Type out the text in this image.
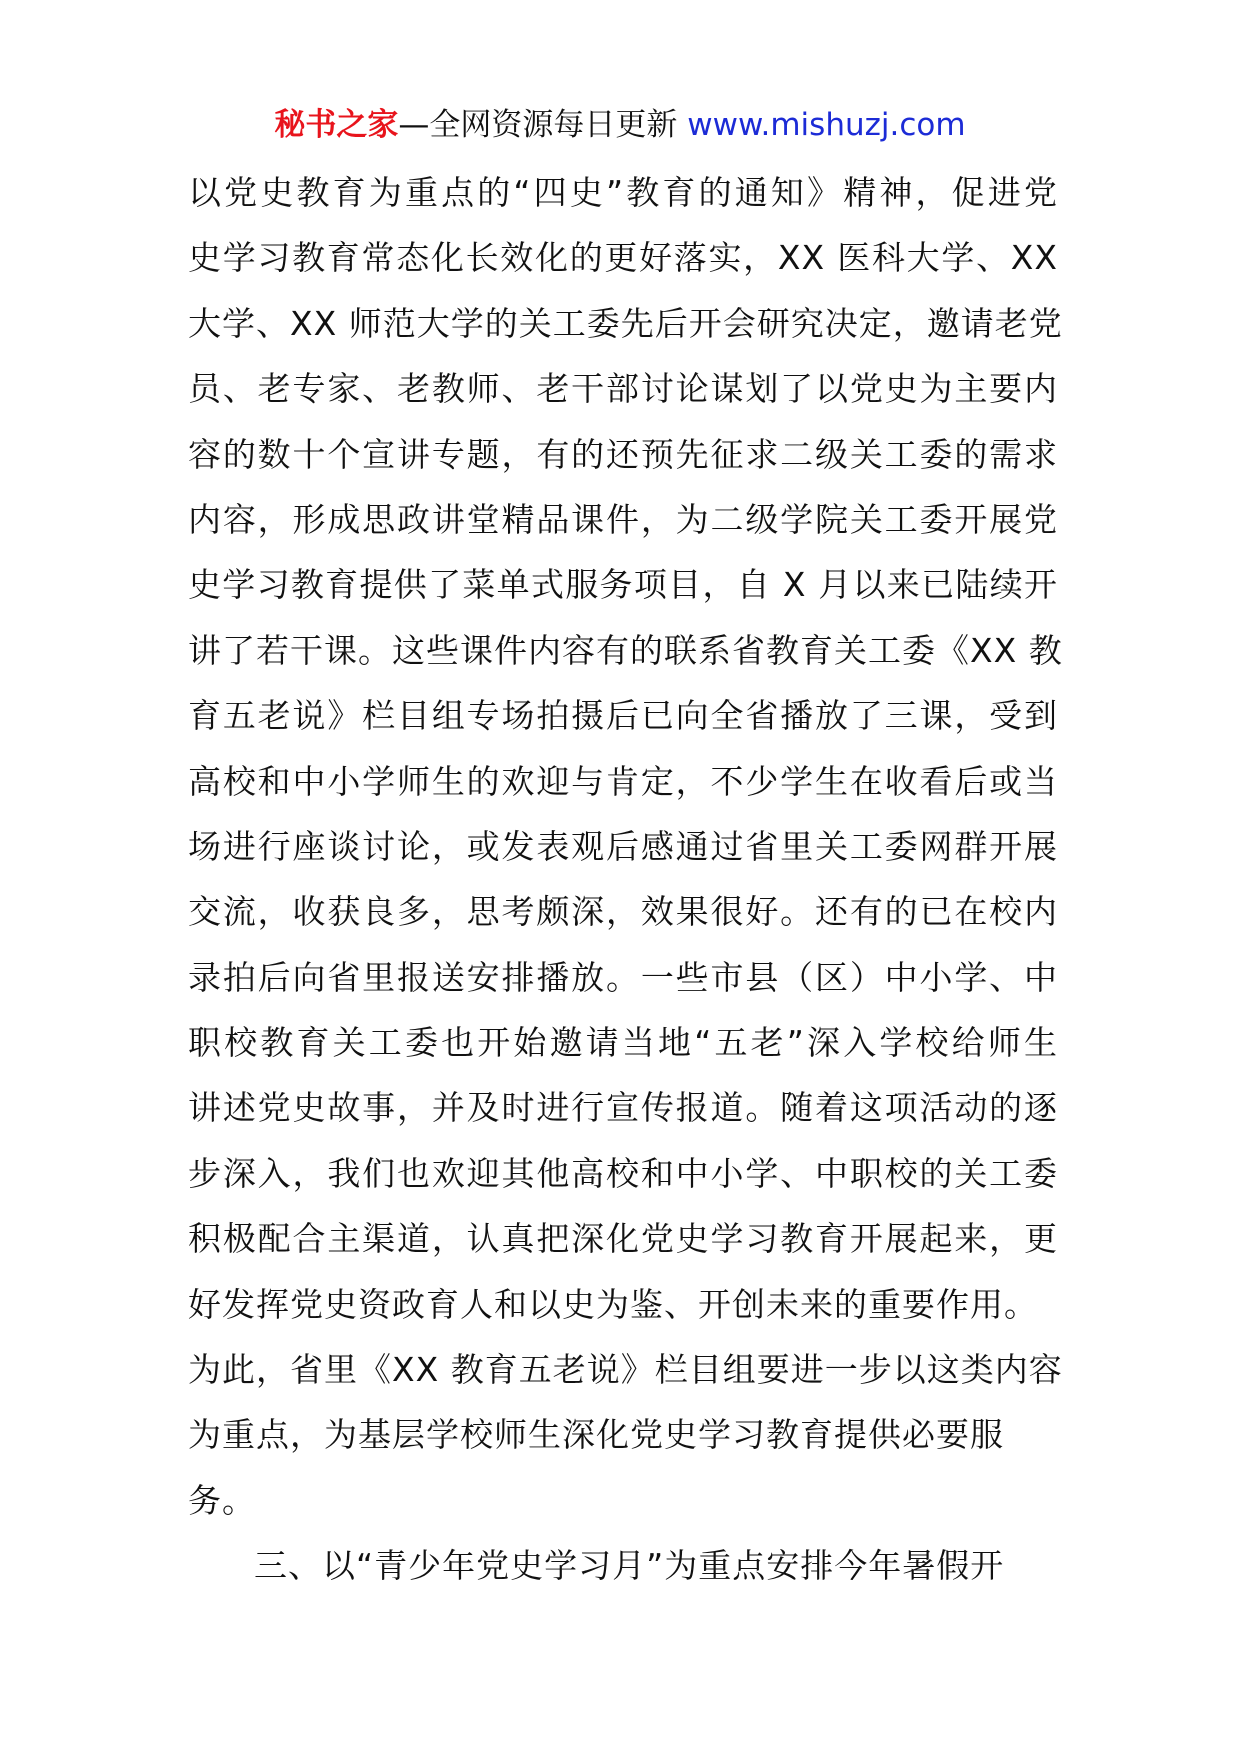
秘书之家—全网资源每日更新 www.mishuzj.com
以党史教育为重点的“四史”教育的通知》精神，促进党
史学习教育常态化长效化的更好落实，XX 医科大学、XX
大学、XX 师范大学的关工委先后开会研究决定，邀请老党
员、老专家、老教师、老干部讨论谋划了以党史为主要内
容的数十个宣讲专题，有的还预先征求二级关工委的需求
内容，形成思政讲堂精品课件，为二级学院关工委开展党
史学习教育提供了菜单式服务项目，自 X 月以来已陆续开
讲了若干课。这些课件内容有的联系省教育关工委《XX 教
育五老说》栏目组专场拍摄后已向全省播放了三课，受到
高校和中小学师生的欢迎与肯定，不少学生在收看后或当
场进行座谈讨论，或发表观后感通过省里关工委网群开展
交流，收获良多，思考颇深，效果很好。还有的已在校内
录拍后向省里报送安排播放。一些市县（区）中小学、中
职校教育关工委也开始邀请当地“五老”深入学校给师生
讲述党史故事，并及时进行宣传报道。随着这项活动的逐
步深入，我们也欢迎其他高校和中小学、中职校的关工委
积极配合主渠道，认真把深化党史学习教育开展起来，更
好发挥党史资政育人和以史为鉴、开创未来的重要作用。
为此，省里《XX 教育五老说》栏目组要进一步以这类内容
为重点，为基层学校师生深化党史学习教育提供必要服
务。
三、以“青少年党史学习月”为重点安排今年暑假开
